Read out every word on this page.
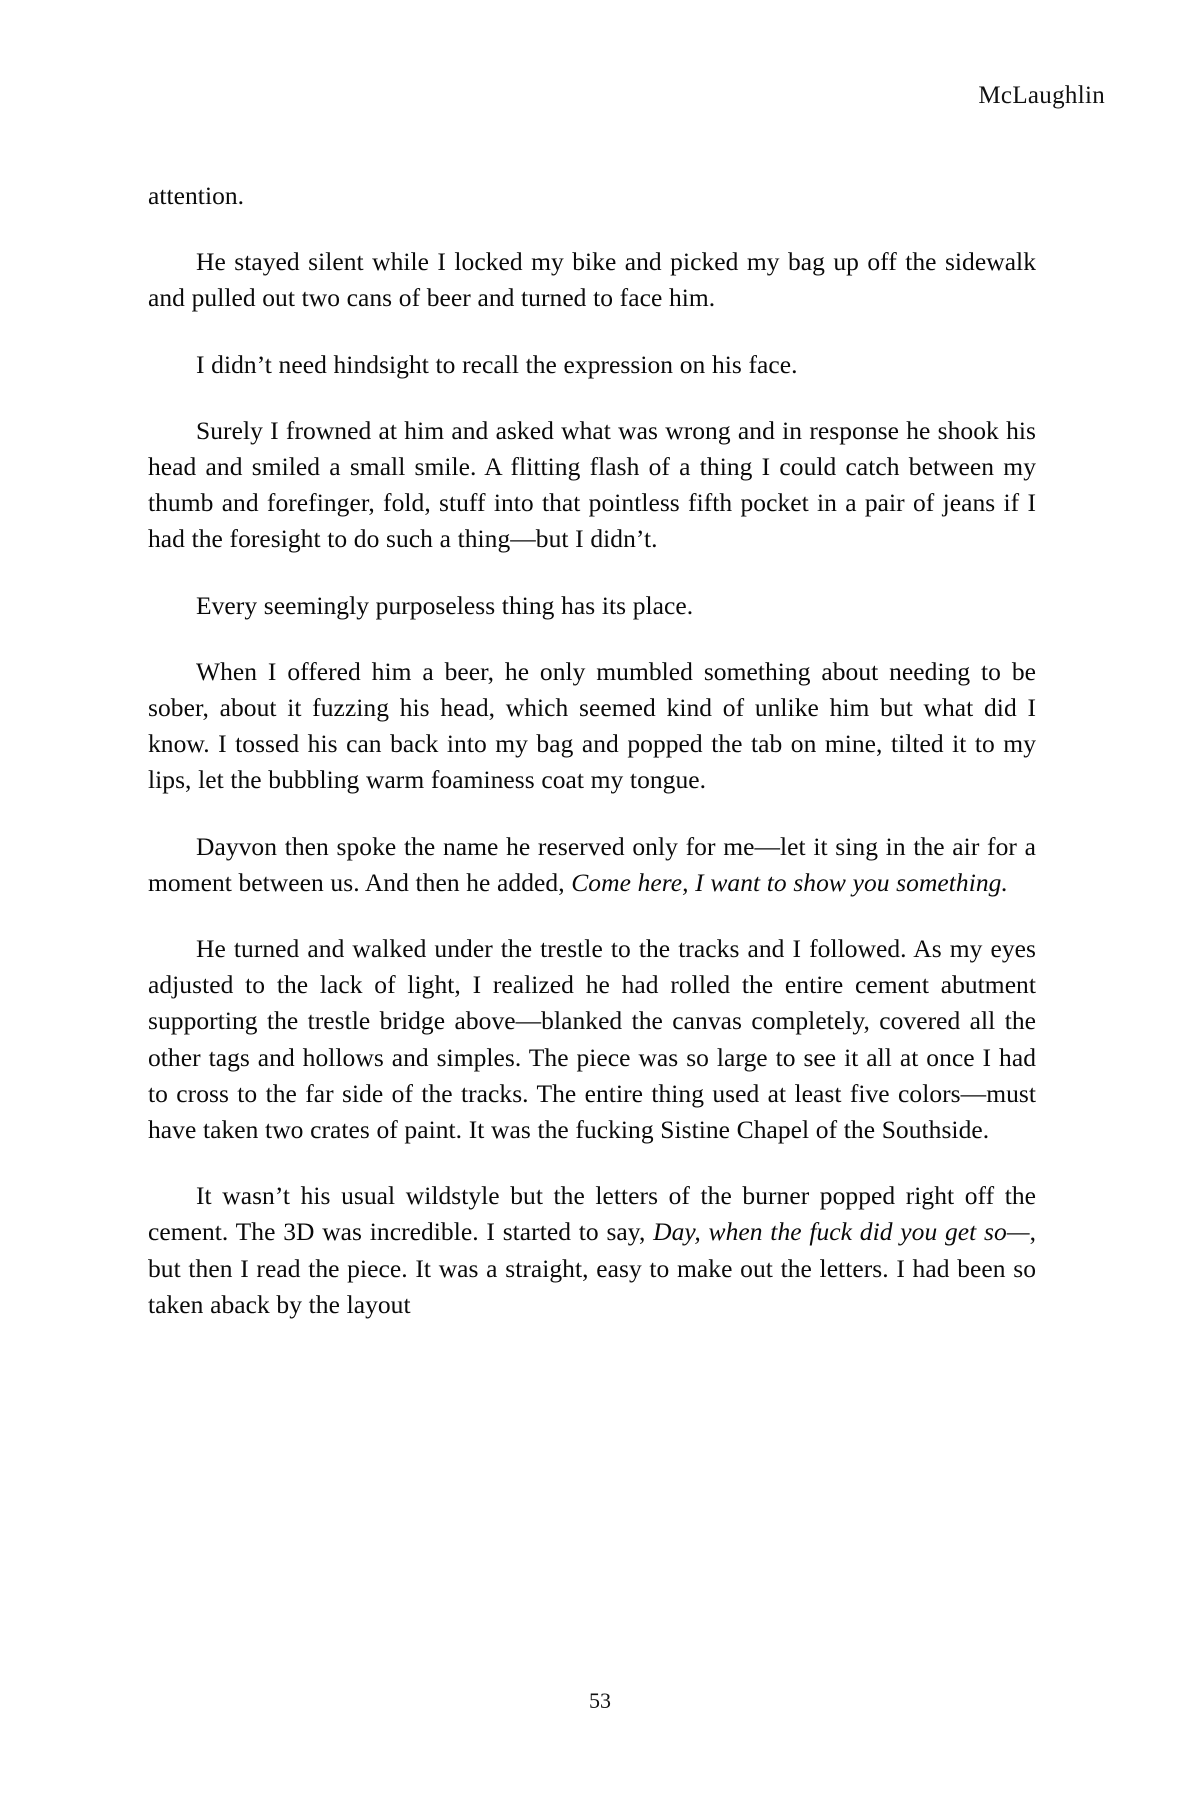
McLaughlin

attention.

He stayed silent while I locked my bike and picked my bag up off the sidewalk and pulled out two cans of beer and turned to face him.

I didn’t need hindsight to recall the expression on his face.

Surely I frowned at him and asked what was wrong and in response he shook his head and smiled a small smile. A flitting flash of a thing I could catch between my thumb and forefinger, fold, stuff into that pointless fifth pocket in a pair of jeans if I had the foresight to do such a thing—but I didn’t.

Every seemingly purposeless thing has its place.

When I offered him a beer, he only mumbled something about needing to be sober, about it fuzzing his head, which seemed kind of unlike him but what did I know. I tossed his can back into my bag and popped the tab on mine, tilted it to my lips, let the bubbling warm foaminess coat my tongue.

Dayvon then spoke the name he reserved only for me—let it sing in the air for a moment between us. And then he added, Come here, I want to show you something.

He turned and walked under the trestle to the tracks and I followed. As my eyes adjusted to the lack of light, I realized he had rolled the entire cement abutment supporting the trestle bridge above—blanked the canvas completely, covered all the other tags and hollows and simples. The piece was so large to see it all at once I had to cross to the far side of the tracks. The entire thing used at least five colors—must have taken two crates of paint. It was the fucking Sistine Chapel of the Southside.

It wasn’t his usual wildstyle but the letters of the burner popped right off the cement. The 3D was incredible. I started to say, Day, when the fuck did you get so—, but then I read the piece. It was a straight, easy to make out the letters. I had been so taken aback by the layout

53
